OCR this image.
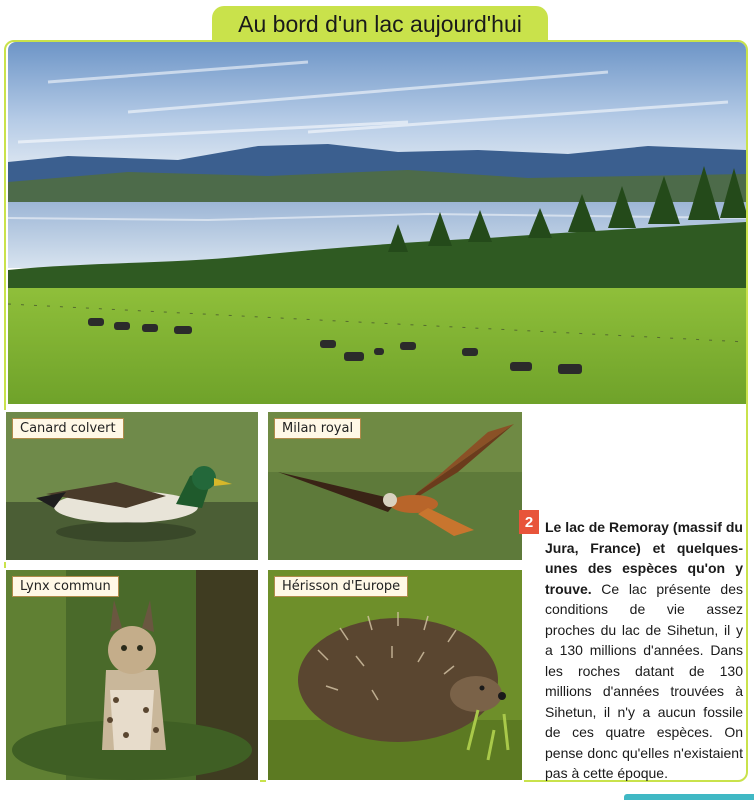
Au bord d'un lac aujourd'hui
Canard colvert	Milan royal
Lynx commun	Hérisson d'Europe
2 Le lac de Remoray (massif du Jura, France) et quelques-unes des espèces qu'on y trouve. Ce lac présente des conditions de vie assez proches du lac de Sihetun, il y a 130 millions d'années. Dans les roches datant de 130 millions d'années trouvées à Sihetun, il n'y a aucun fossile de ces quatre espèces. On pense donc qu'elles n'existaient pas à cette époque.
